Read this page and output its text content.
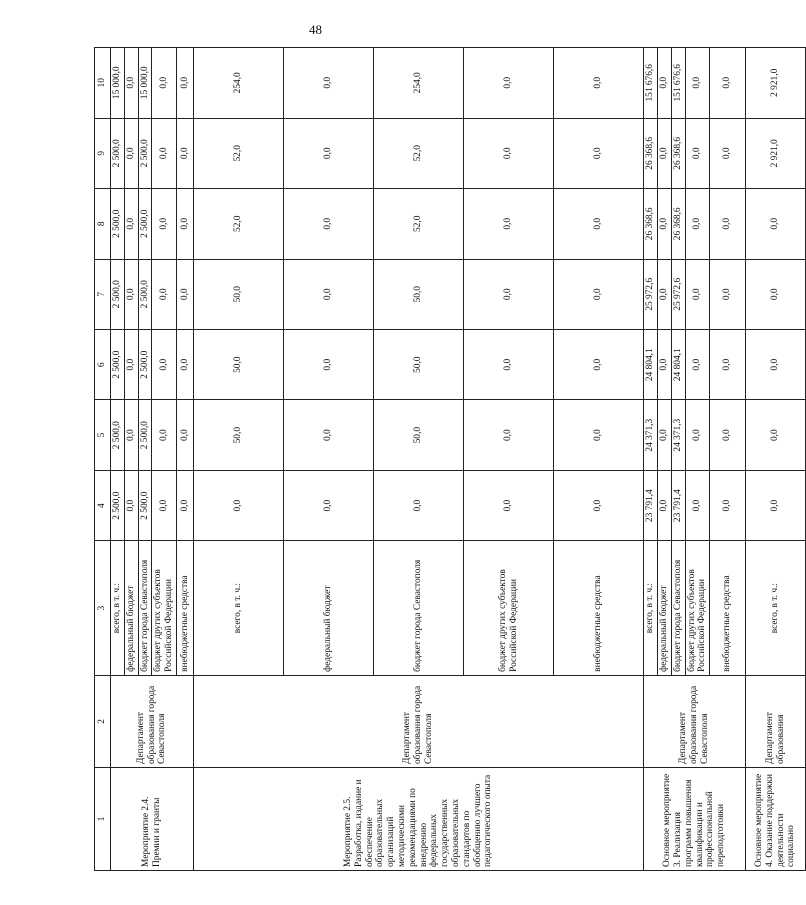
48
1	2	3	4	5	6	7	8	9	10
Мероприятие 2.4. Премии и гранты	Департамент образования города Севастополя	всего, в т. ч.:	2 500,0	2 500,0	2 500,0	2 500,0	2 500,0	2 500,0	15 000,0
		федеральный бюджет	0,0	0,0	0,0	0,0	0,0	0,0	0,0
		бюджет города Севастополя	2 500,0	2 500,0	2 500,0	2 500,0	2 500,0	2 500,0	15 000,0
		бюджет других субъектов Российской Федерации	0,0	0,0	0,0	0,0	0,0	0,0	0,0
		внебюджетные средства	0,0	0,0	0,0	0,0	0,0	0,0	0,0
Мероприятие 2.5. Разработка, издание и обеспечение образовательных организаций методическими рекомендациями по внедрению федеральных государственных образовательных стандартов по обобщению лучшего педагогического опыта	Департамент образования города Севастополя	всего, в т. ч.:	0,0	50,0	50,0	50,0	52,0	52,0	254,0
		федеральный бюджет	0,0	0,0	0,0	0,0	0,0	0,0	0,0
		бюджет города Севастополя	0,0	50,0	50,0	50,0	52,0	52,0	254,0
		бюджет других субъектов Российской Федерации	0,0	0,0	0,0	0,0	0,0	0,0	0,0
		внебюджетные средства	0,0	0,0	0,0	0,0	0,0	0,0	0,0
Основное мероприятие 3. Реализация программ повышения квалификации и профессиональной переподготовки	Департамент образования города Севастополя	всего, в т. ч.:	23 791,4	24 371,3	24 804,1	25 972,6	26 368,6	26 368,6	151 676,6
		федеральный бюджет	0,0	0,0	0,0	0,0	0,0	0,0	0,0
		бюджет города Севастополя	23 791,4	24 371,3	24 804,1	25 972,6	26 368,6	26 368,6	151 676,6
		бюджет других субъектов Российской Федерации	0,0	0,0	0,0	0,0	0,0	0,0	0,0
		внебюджетные средства	0,0	0,0	0,0	0,0	0,0	0,0	0,0
Основное мероприятие 4. Оказание поддержки деятельности социально	Департамент образования	всего, в т. ч.:	0,0	0,0	0,0	0,0	0,0	2 921,0	2 921,0
